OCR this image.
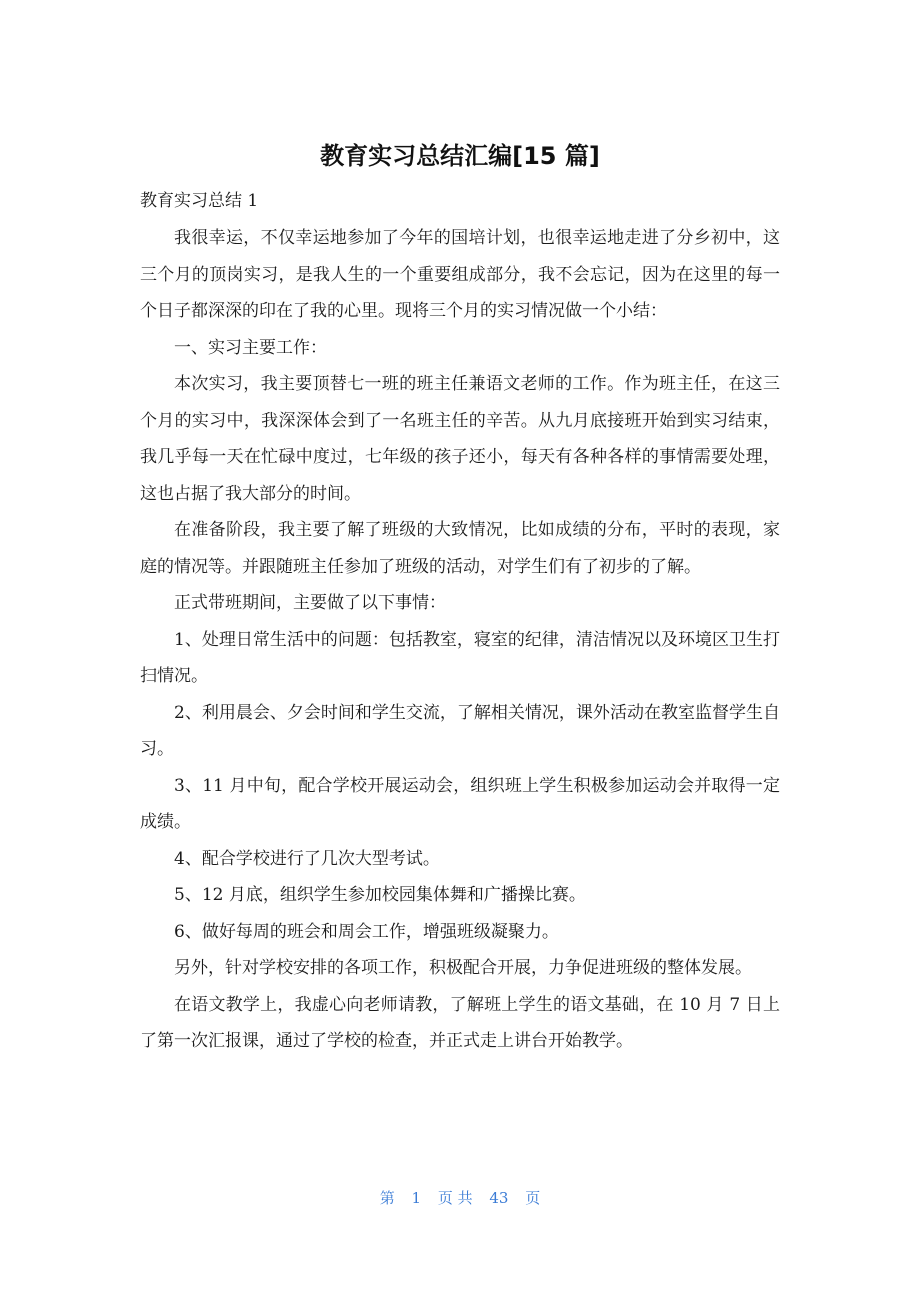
教育实习总结汇编[15 篇]
教育实习总结 1

我很幸运，不仅幸运地参加了今年的国培计划，也很幸运地走进了分乡初中，这三个月的顶岗实习，是我人生的一个重要组成部分，我不会忘记，因为在这里的每一个日子都深深的印在了我的心里。现将三个月的实习情况做一个小结：

一、实习主要工作：

本次实习，我主要顶替七一班的班主任兼语文老师的工作。作为班主任，在这三个月的实习中，我深深体会到了一名班主任的辛苦。从九月底接班开始到实习结束，我几乎每一天在忙碌中度过，七年级的孩子还小，每天有各种各样的事情需要处理，这也占据了我大部分的时间。

在准备阶段，我主要了解了班级的大致情况，比如成绩的分布，平时的表现，家庭的情况等。并跟随班主任参加了班级的活动，对学生们有了初步的了解。

正式带班期间，主要做了以下事情：

1、处理日常生活中的问题：包括教室，寝室的纪律，清洁情况以及环境区卫生打扫情况。

2、利用晨会、夕会时间和学生交流，了解相关情况，课外活动在教室监督学生自习。

3、11 月中旬，配合学校开展运动会，组织班上学生积极参加运动会并取得一定成绩。

4、配合学校进行了几次大型考试。

5、12 月底，组织学生参加校园集体舞和广播操比赛。

6、做好每周的班会和周会工作，增强班级凝聚力。

另外，针对学校安排的各项工作，积极配合开展，力争促进班级的整体发展。

在语文教学上，我虚心向老师请教，了解班上学生的语文基础，在 10 月 7 日上了第一次汇报课，通过了学校的检查，并正式走上讲台开始教学。

第 1 页 共 43 页
